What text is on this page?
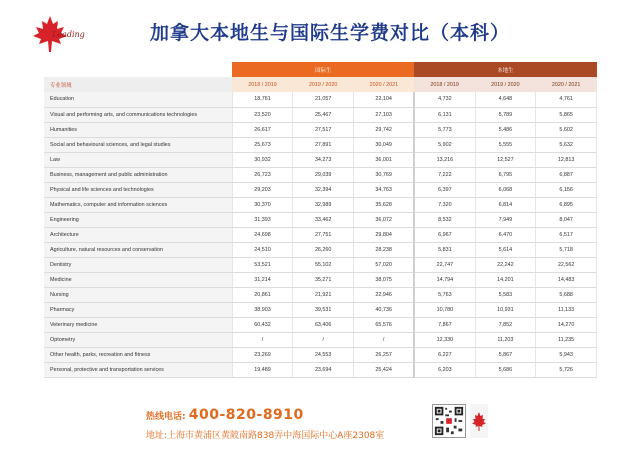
Leading	加拿大本地生与国际生学费对比（本科）
	国际生			本地生		
专业领域	2018 / 2019	2019 / 2020	2020 / 2021	2018 / 2019	2019 / 2020	2020 / 2021
Education	18,761	21,057	22,104	4,732	4,648	4,761
Visual and performing arts, and communications technologies	23,520	25,467	27,103	6,131	5,789	5,865
Humanities	26,617	27,517	29,742	5,773	5,486	5,602
Social and behavioural sciences, and legal studies	25,673	27,891	30,049	5,902	5,555	5,632
Law	30,932	34,273	36,001	13,216	12,527	12,813
Business, management and public administration	26,723	29,039	30,769	7,222	6,795	6,887
Physical and life sciences and technologies	29,203	32,394	34,763	6,397	6,068	6,156
Mathematics, computer and information sciences	30,370	32,989	35,628	7,320	6,814	6,895
Engineering	31,393	33,462	36,072	8,532	7,949	8,047
Architecture	24,698	27,751	29,804	6,967	6,470	6,517
Agriculture, natural resources and conservation	24,510	26,260	28,238	5,831	5,614	5,718
Dentistry	53,521	55,102	57,020	22,747	22,242	22,562
Medicine	31,214	35,271	38,075	14,794	14,201	14,483
Nursing	20,861	21,921	22,946	5,763	5,583	5,688
Pharmacy	38,903	39,531	40,736	10,780	10,931	11,133
Veterinary medicine	60,432	63,406	65,576	7,867	7,852	14,270
Optometry	/	/	/	12,330	11,203	11,235
Other health, parks, recreation and fitness	23,269	24,553	26,257	6,227	5,867	5,943
Personal, protective and transportation services	19,489	23,694	25,424	6,203	5,686	5,726
热线电话: 400-820-8910
地址:上海市黄浦区黄陂南路838弄中海国际中心A座2308室
